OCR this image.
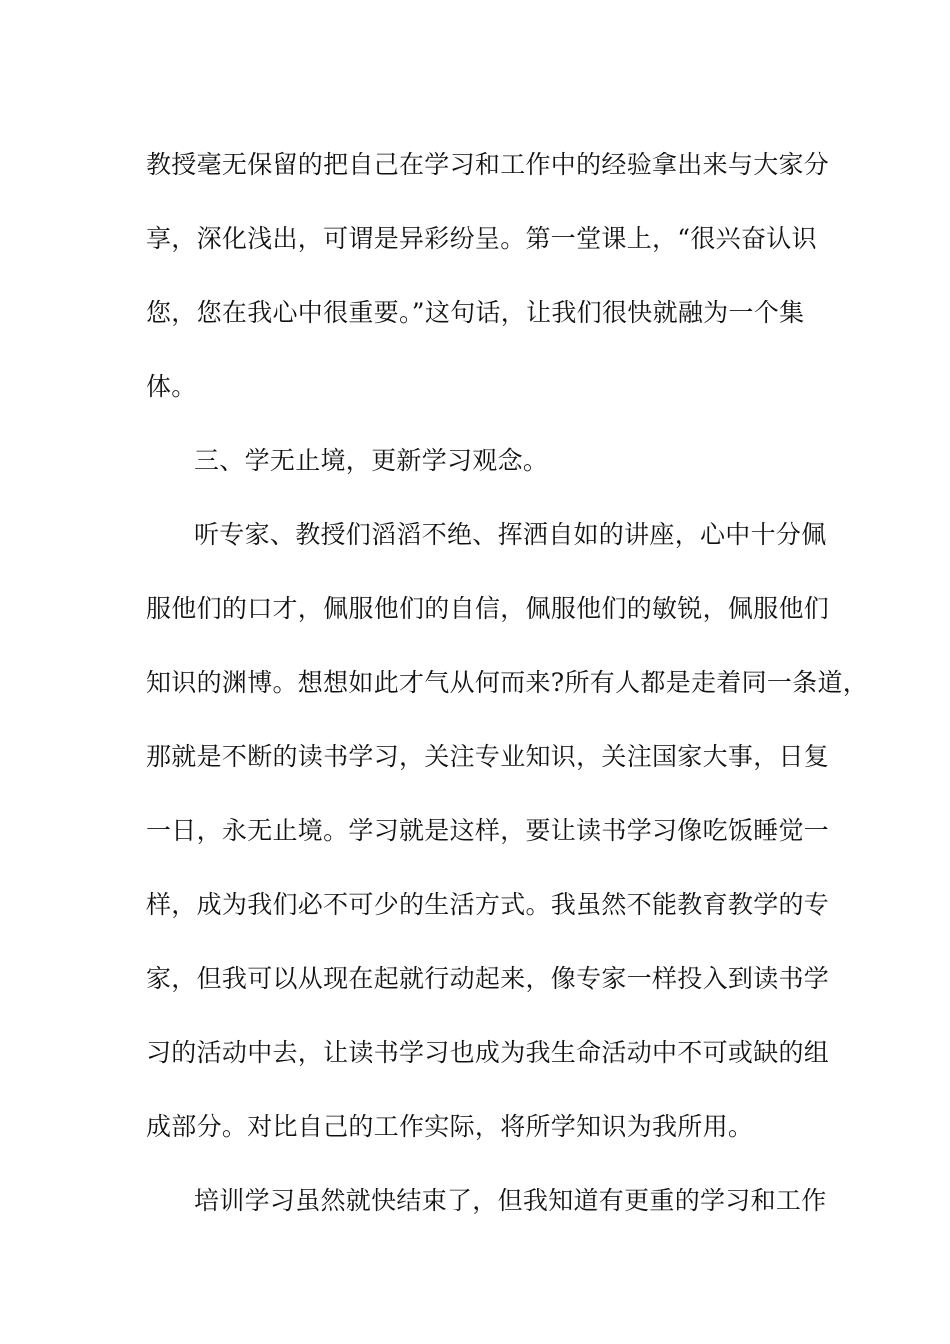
教授毫无保留的把自己在学习和工作中的经验拿出来与大家分
享，深化浅出，可谓是异彩纷呈。第一堂课上，“很兴奋认识
您，您在我心中很重要。”这句话，让我们很快就融为一个集
体。
三、学无止境，更新学习观念。
听专家、教授们滔滔不绝、挥洒自如的讲座，心中十分佩
服他们的口才，佩服他们的自信，佩服他们的敏锐，佩服他们
知识的渊博。想想如此才气从何而来?所有人都是走着同一条道，
那就是不断的读书学习，关注专业知识，关注国家大事，日复
一日，永无止境。学习就是这样，要让读书学习像吃饭睡觉一
样，成为我们必不可少的生活方式。我虽然不能教育教学的专
家，但我可以从现在起就行动起来，像专家一样投入到读书学
习的活动中去，让读书学习也成为我生命活动中不可或缺的组
成部分。对比自己的工作实际，将所学知识为我所用。
培训学习虽然就快结束了，但我知道有更重的学习和工作
